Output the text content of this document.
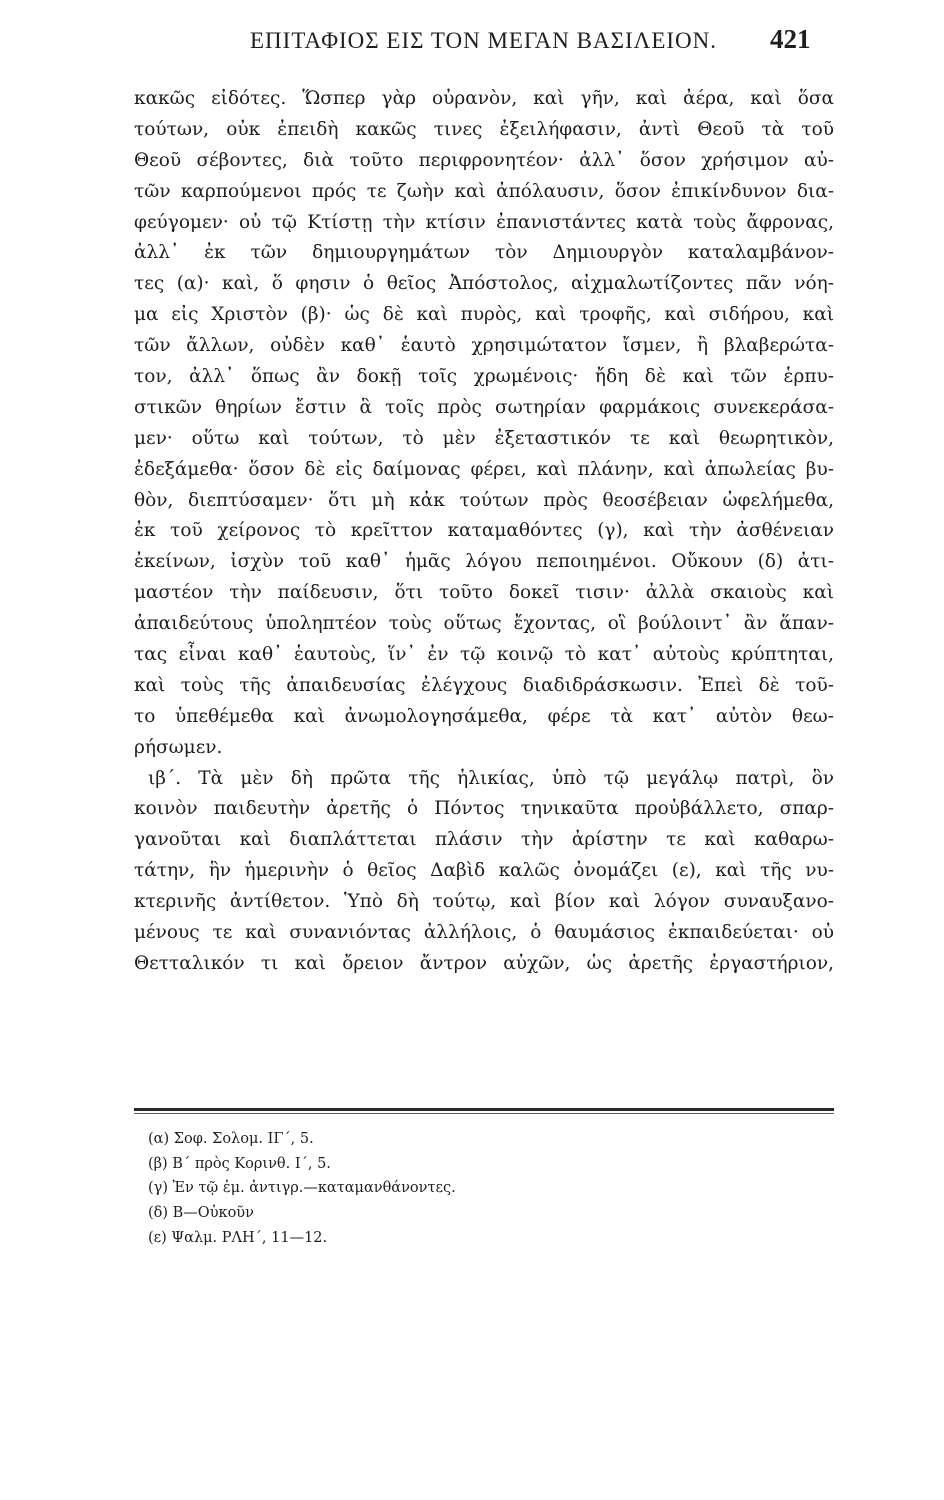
ΕΠΙΤΑΦΙΟΣ ΕΙΣ ΤΟΝ ΜΕΓΑΝ ΒΑΣΙΛΕΙΟΝ.	421
κακῶς εἰδότες. Ὥσπερ γὰρ οὐρανὸν, καὶ γῆν, καὶ ἀέρα, καὶ ὅσα
τούτων, οὐκ ἐπειδὴ κακῶς τινες ἐξειλήφασιν, ἀντὶ Θεοῦ τὰ τοῦ
Θεοῦ σέβοντες, διὰ τοῦτο περιφρονητέον· ἀλλ᾽ ὅσον χρήσιμον αὐ-
τῶν καρπούμενοι πρός τε ζωὴν καὶ ἀπόλαυσιν, ὅσον ἐπικίνδυνον δια-
φεύγομεν· οὐ τῷ Κτίστῃ τὴν κτίσιν ἐπανιστάντες κατὰ τοὺς ἄφρονας,
ἀλλ᾽ ἐκ τῶν δημιουργημάτων τὸν Δημιουργὸν καταλαμβάνον-
τες (α)· καὶ, ὅ φησιν ὁ θεῖος Ἀπόστολος, αἰχμαλωτίζοντες πᾶν νόη-
μα εἰς Χριστὸν (β)· ὡς δὲ καὶ πυρὸς, καὶ τροφῆς, καὶ σιδήρου, καὶ
τῶν ἄλλων, οὐδὲν καθ᾽ ἑαυτὸ χρησιμώτατον ἴσμεν, ἢ βλαβερώτα-
τον, ἀλλ᾽ ὅπως ἂν δοκῇ τοῖς χρωμένοις· ἤδη δὲ καὶ τῶν ἑρπυ-
στικῶν θηρίων ἔστιν ἃ τοῖς πρὸς σωτηρίαν φαρμάκοις συνεκεράσα-
μεν· οὕτω καὶ τούτων, τὸ μὲν ἐξεταστικόν τε καὶ θεωρητικὸν,
ἐδεξάμεθα· ὅσον δὲ εἰς δαίμονας φέρει, καὶ πλάνην, καὶ ἀπωλείας βυ-
θὸν, διεπτύσαμεν· ὅτι μὴ κἀκ τούτων πρὸς θεοσέβειαν ὠφελήμεθα,
ἐκ τοῦ χείρονος τὸ κρεῖττον καταμαθόντες (γ), καὶ τὴν ἀσθένειαν
ἐκείνων, ἰσχὺν τοῦ καθ᾽ ἡμᾶς λόγου πεποιημένοι. Οὔκουν (δ) ἀτι-
μαστέον τὴν παίδευσιν, ὅτι τοῦτο δοκεῖ τισιν· ἀλλὰ σκαιοὺς καὶ
ἀπαιδεύτους ὑποληπτέον τοὺς οὕτως ἔχοντας, οἳ βούλοιντ᾽ ἂν ἅπαν-
τας εἶναι καθ᾽ ἑαυτοὺς, ἵν᾽ ἐν τῷ κοινῷ τὸ κατ᾽ αὐτοὺς κρύπτηται,
καὶ τοὺς τῆς ἀπαιδευσίας ἐλέγχους διαδιδράσκωσιν. Ἐπεὶ δὲ τοῦ-
το ὑπεθέμεθα καὶ ἀνωμολογησάμεθα, φέρε τὰ κατ᾽ αὐτὸν θεω-
ρήσωμεν.
ιβ΄. Τὰ μὲν δὴ πρῶτα τῆς ἡλικίας, ὑπὸ τῷ μεγάλῳ πατρὶ, ὃν
κοινὸν παιδευτὴν ἀρετῆς ὁ Πόντος τηνικαῦτα προὐβάλλετο, σπαρ-
γανοῦται καὶ διαπλάττεται πλάσιν τὴν ἀρίστην τε καὶ καθαρω-
τάτην, ἣν ἡμερινὴν ὁ θεῖος Δαβὶδ καλῶς ὀνομάζει (ε), καὶ τῆς νυ-
κτερινῆς ἀντίθετον. Ὑπὸ δὴ τούτῳ, καὶ βίον καὶ λόγον συναυξανο-
μένους τε καὶ συνανιόντας ἀλλήλοις, ὁ θαυμάσιος ἐκπαιδεύεται· οὐ
Θετταλικόν τι καὶ ὄρειον ἄντρον αὐχῶν, ὡς ἀρετῆς ἐργαστήριον,
(α) Σοφ. Σολομ. ΙΓ΄, 5.
(β) Β΄ πρὸς Κορινθ. Ι΄, 5.
(γ) Ἐν τῷ ἐμ. ἀντιγρ.—καταμανθάνοντες.
(δ) Β—Οὐκοῦν
(ε) Ψαλμ. ΡΛΗ΄, 11—12.
